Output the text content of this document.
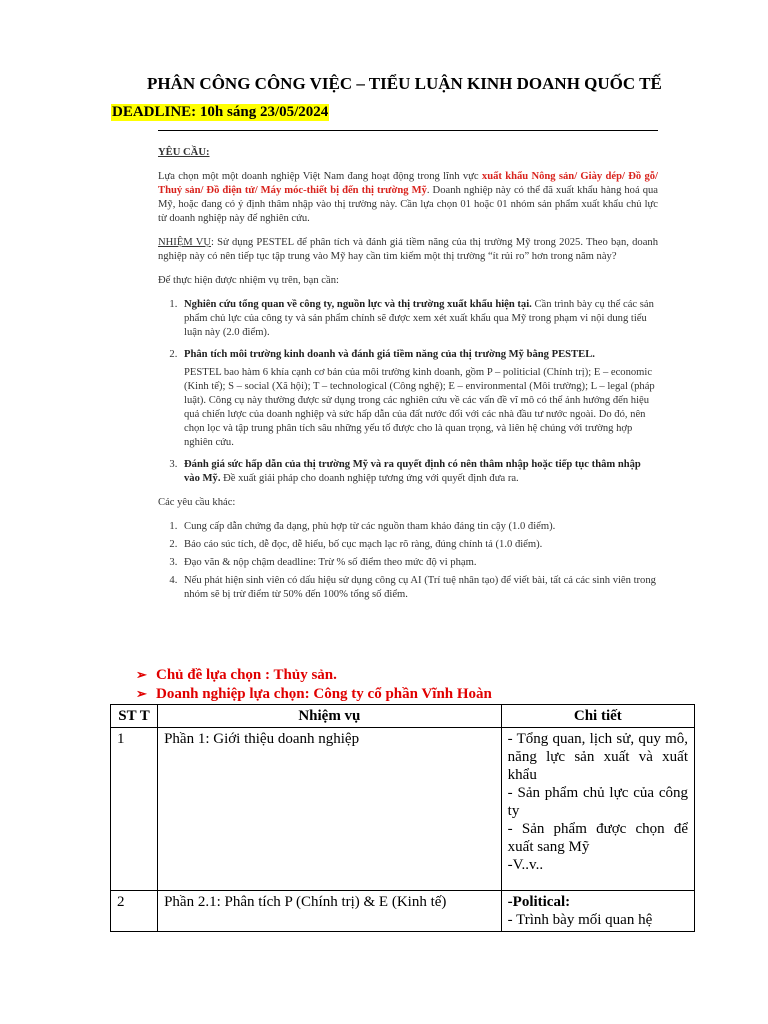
PHÂN CÔNG CÔNG VIỆC – TIỂU LUẬN KINH DOANH QUỐC TẾ
DEADLINE: 10h sáng 23/05/2024
YÊU CẦU:

Lựa chọn một một doanh nghiệp Việt Nam đang hoạt động trong lĩnh vực xuất khẩu Nông sản/ Giày dép/ Đồ gỗ/ Thuỷ sản/ Đồ điện tử/ Máy móc-thiết bị đến thị trường Mỹ. Doanh nghiệp này có thể đã xuất khẩu hàng hoá qua Mỹ, hoặc đang có ý định thâm nhập vào thị trường này. Cần lựa chọn 01 hoặc 01 nhóm sản phẩm xuất khẩu chủ lực từ doanh nghiệp này để nghiên cứu.

NHIỆM VỤ: Sử dụng PESTEL để phân tích và đánh giá tiềm năng của thị trường Mỹ trong 2025. Theo bạn, doanh nghiệp này có nên tiếp tục tập trung vào Mỹ hay cần tìm kiếm một thị trường “ít rủi ro” hơn trong năm này?

Để thực hiện được nhiệm vụ trên, bạn cần:

1. Nghiên cứu tổng quan về công ty, nguồn lực và thị trường xuất khẩu hiện tại. Cần trình bày cụ thể các sản phẩm chủ lực của công ty và sản phẩm chính sẽ được xem xét xuất khẩu qua Mỹ trong phạm vi nội dung tiểu luận này (2.0 điểm).
2. Phân tích môi trường kinh doanh và đánh giá tiềm năng của thị trường Mỹ bằng PESTEL.
PESTEL bao hàm 6 khía cạnh cơ bản của môi trường kinh doanh, gồm P – politicial (Chính trị); E – economic (Kinh tế); S – social (Xã hội); T – technological (Công nghệ); E – environmental (Môi trường); L – legal (pháp luật). Công cụ này thường được sử dụng trong các nghiên cứu về các vấn đề vĩ mô có thể ảnh hưởng đến hiệu quả chiến lược của doanh nghiệp và sức hấp dẫn của đất nước đối với các nhà đầu tư nước ngoài. Do đó, nên chọn lọc và tập trung phân tích sâu những yếu tố được cho là quan trọng, và liên hệ chúng với trường hợp nghiên cứu.
3. Đánh giá sức hấp dẫn của thị trường Mỹ và ra quyết định có nên thâm nhập hoặc tiếp tục thâm nhập vào Mỹ. Đề xuất giải pháp cho doanh nghiệp tương ứng với quyết định đưa ra.

Các yêu cầu khác:

1. Cung cấp dẫn chứng đa dạng, phù hợp từ các nguồn tham khảo đáng tin cậy (1.0 điểm).
2. Báo cáo súc tích, dễ đọc, dễ hiểu, bố cục mạch lạc rõ ràng, đúng chính tả (1.0 điểm).
3. Đạo văn & nộp chậm deadline: Trừ % số điểm theo mức độ vi phạm.
4. Nếu phát hiện sinh viên có dấu hiệu sử dụng công cụ AI (Trí tuệ nhân tạo) để viết bài, tất cả các sinh viên trong nhóm sẽ bị trừ điểm từ 50% đến 100% tổng số điểm.
➢ Chủ đề lựa chọn : Thủy sản.
➢ Doanh nghiệp lựa chọn: Công ty cổ phần Vĩnh Hoàn
ST T	Nhiệm vụ	Chi tiết
1	Phần 1: Giới thiệu doanh nghiệp	- Tổng quan, lịch sử, quy mô, năng lực sản xuất và xuất khẩu
- Sản phẩm chủ lực của công ty
- Sản phẩm được chọn để xuất sang Mỹ
-V..v..

2	Phần 2.1: Phân tích P (Chính trị) & E (Kinh tế)	-Political:
- Trình bày mối quan hệ
